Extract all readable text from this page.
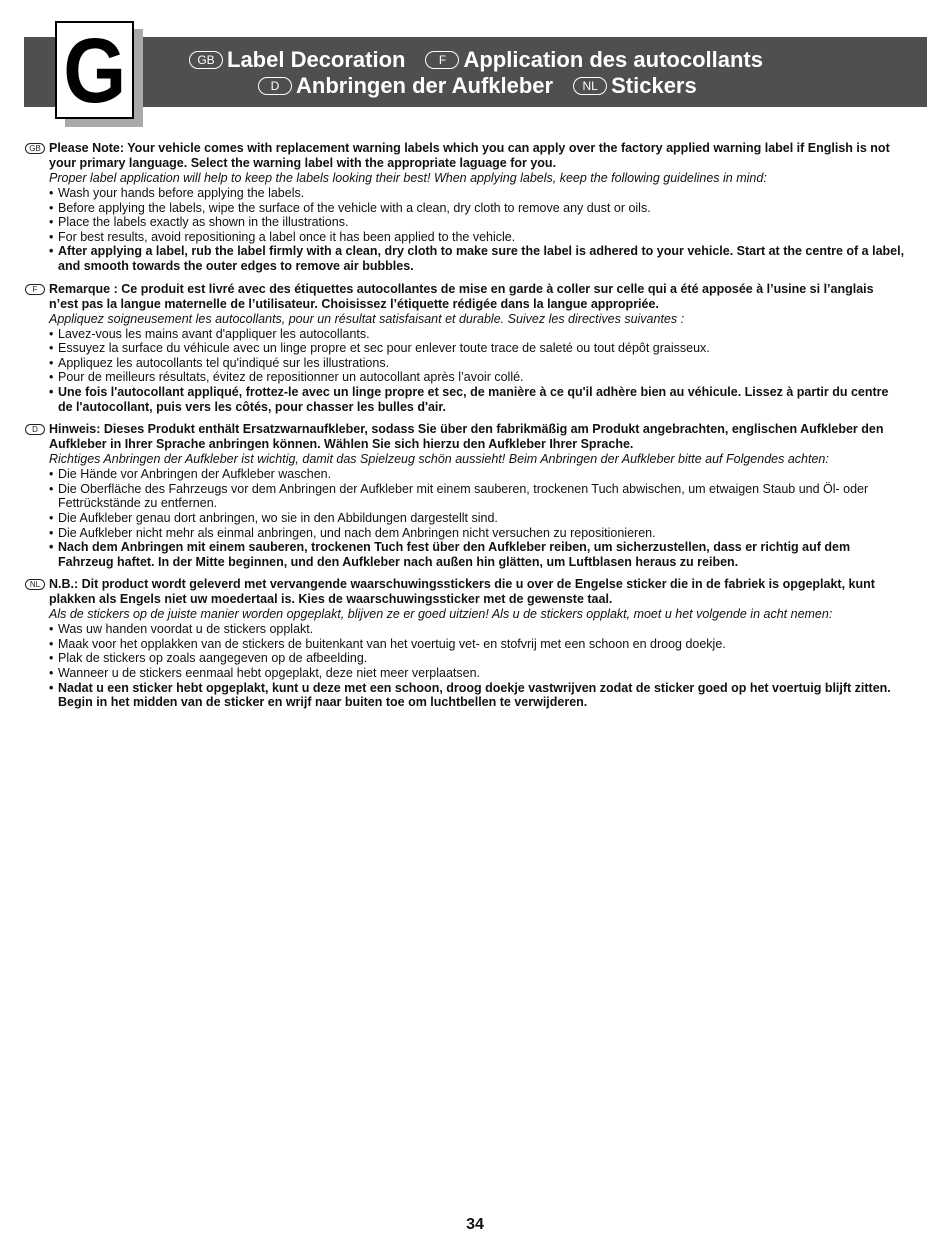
G	GB Label Decoration	F Application des autocollants
D Anbringen der Aufkleber	NL Stickers
GB Please Note: Your vehicle comes with replacement warning labels which you can apply over the factory applied warning label if English is not your primary language. Select the warning label with the appropriate laguage for you.

Proper label application will help to keep the labels looking their best! When applying labels, keep the following guidelines in mind:

• Wash your hands before applying the labels.
• Before applying the labels, wipe the surface of the vehicle with a clean, dry cloth to remove any dust or oils.
• Place the labels exactly as shown in the illustrations.
• For best results, avoid repositioning a label once it has been applied to the vehicle.
• After applying a label, rub the label firmly with a clean, dry cloth to make sure the label is adhered to your vehicle. Start at the centre of a label, and smooth towards the outer edges to remove air bubbles.
F Remarque : Ce produit est livré avec des étiquettes autocollantes de mise en garde à coller sur celle qui a été apposée à l’usine si l’anglais n’est pas la langue maternelle de l’utilisateur. Choisissez l’étiquette rédigée dans la langue appropriée.

Appliquez soigneusement les autocollants, pour un résultat satisfaisant et durable. Suivez les directives suivantes :

• Lavez-vous les mains avant d'appliquer les autocollants.
• Essuyez la surface du véhicule avec un linge propre et sec pour enlever toute trace de saleté ou tout dépôt graisseux.
• Appliquez les autocollants tel qu'indiqué sur les illustrations.
• Pour de meilleurs résultats, évitez de repositionner un autocollant après l’avoir collé.
• Une fois l'autocollant appliqué, frottez-le avec un linge propre et sec, de manière à ce qu'il adhère bien au véhicule. Lissez à partir du centre de l'autocollant, puis vers les côtés, pour chasser les bulles d'air.
D Hinweis: Dieses Produkt enthält Ersatzwarnaufkleber, sodass Sie über den fabrikmäßig am Produkt angebrachten, englischen Aufkleber den Aufkleber in Ihrer Sprache anbringen können. Wählen Sie sich hierzu den Aufkleber Ihrer Sprache.

Richtiges Anbringen der Aufkleber ist wichtig, damit das Spielzeug schön aussieht! Beim Anbringen der Aufkleber bitte auf Folgendes achten:

• Die Hände vor Anbringen der Aufkleber waschen.
• Die Oberfläche des Fahrzeugs vor dem Anbringen der Aufkleber mit einem sauberen, trockenen Tuch abwischen, um etwaigen Staub und Öl- oder Fettrückstände zu entfernen.
• Die Aufkleber genau dort anbringen, wo sie in den Abbildungen dargestellt sind.
• Die Aufkleber nicht mehr als einmal anbringen, und nach dem Anbringen nicht versuchen zu repositionieren.
• Nach dem Anbringen mit einem sauberen, trockenen Tuch fest über den Aufkleber reiben, um sicherzustellen, dass er richtig auf dem Fahrzeug haftet. In der Mitte beginnen, und den Aufkleber nach außen hin glätten, um Luftblasen heraus zu reiben.
NL N.B.: Dit product wordt geleverd met vervangende waarschuwingsstickers die u over de Engelse sticker die in de fabriek is opgeplakt, kunt plakken als Engels niet uw moedertaal is. Kies de waarschuwingssticker met de gewenste taal.

Als de stickers op de juiste manier worden opgeplakt, blijven ze er goed uitzien! Als u de stickers opplakt, moet u het volgende in acht nemen:

• Was uw handen voordat u de stickers opplakt.
• Maak voor het opplakken van de stickers de buitenkant van het voertuig vet- en stofvrij met een schoon en droog doekje.
• Plak de stickers op zoals aangegeven op de afbeelding.
• Wanneer u de stickers eenmaal hebt opgeplakt, deze niet meer verplaatsen.
• Nadat u een sticker hebt opgeplakt, kunt u deze met een schoon, droog doekje vastwrijven zodat de sticker goed op het voertuig blijft zitten. Begin in het midden van de sticker en wrijf naar buiten toe om luchtbellen te verwijderen.
34
